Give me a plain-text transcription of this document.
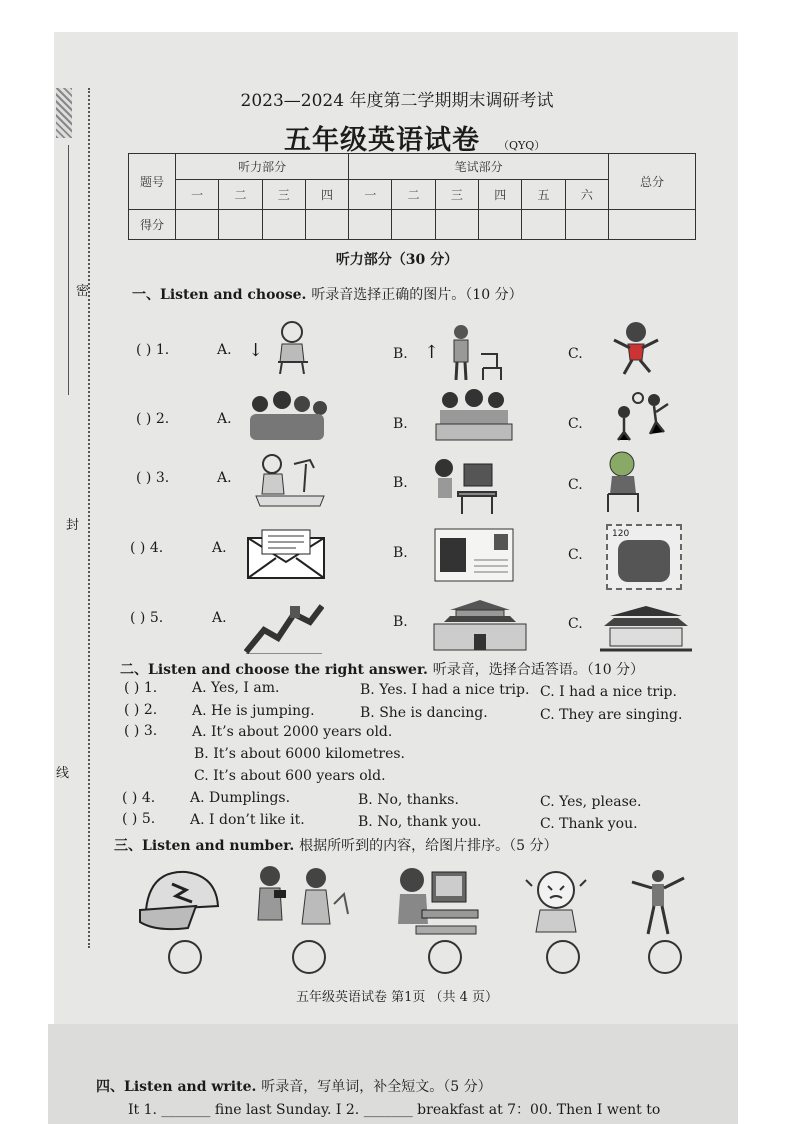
密
封
线
2023—2024 年度第二学期期末调研考试
五年级英语试卷 （QYQ）
题号	听力部分				笔试部分						总分
	一	二	三	四	一	二	三	四	五	六	
得分											
听力部分（30 分）
一、Listen and choose. 听录音选择正确的图片。（10 分）
( ) 1.	A. ↓	B. ↑	C.
( ) 2.	A.	B.	C.
( ) 3.	A.	B.	C.
( ) 4.	A.	B.	C.
120
( ) 5.	A.	B.	C.
二、Listen and choose the right answer. 听录音，选择合适答语。（10 分）
( ) 1. A. Yes, I am.	B. Yes. I had a nice trip. C. I had a nice trip.
( ) 2. A. He is jumping.	B. She is dancing.	C. They are singing.
( ) 3. A. It’s about 2000 years old.
B. It’s about 6000 kilometres.
C. It’s about 600 years old.
( ) 4. A. Dumplings.	B. No, thanks.	C. Yes, please.
( ) 5. A. I don’t like it.	B. No, thank you.	C. Thank you.
三、Listen and number. 根据所听到的内容，给图片排序。（5 分）
五年级英语试卷 第1页 （共 4 页）
四、Listen and write. 听录音，写单词，补全短文。（5 分）
It 1. _______ fine last Sunday. I 2. _______ breakfast at 7：00. Then I went to
